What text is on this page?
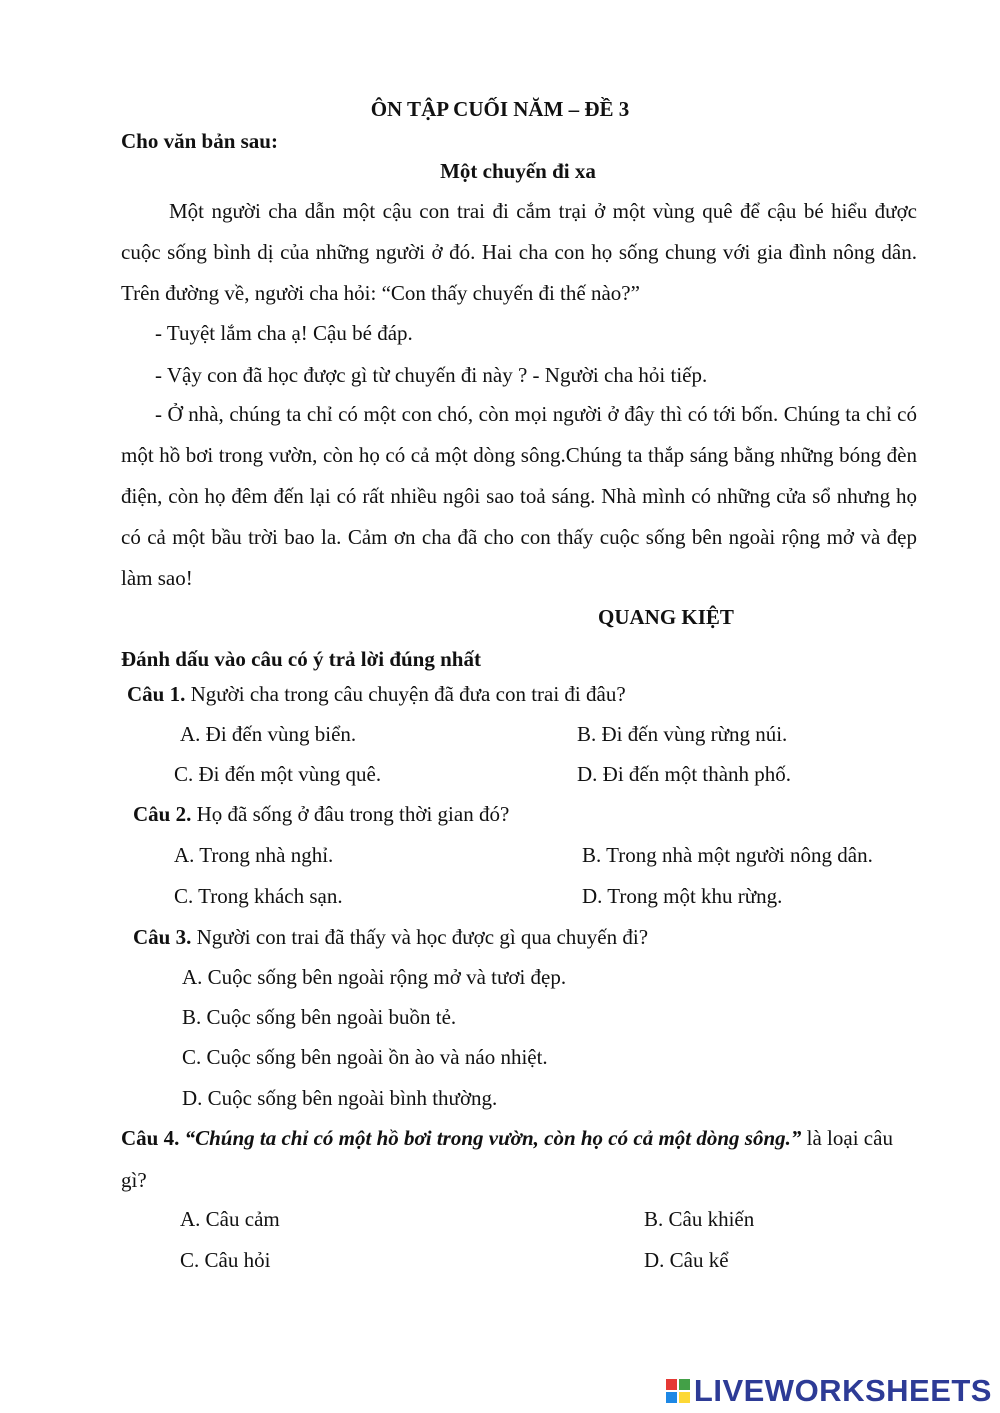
ÔN TẬP CUỐI NĂM – ĐỀ 3
Cho văn bản sau:
Một chuyến đi xa
Một người cha dẫn một cậu con trai đi cắm trại ở một vùng quê để cậu bé hiểu được cuộc sống bình dị của những người ở đó. Hai cha con họ sống chung với gia đình nông dân. Trên đường về, người cha hỏi: “Con thấy chuyến đi thế nào?”
- Tuyệt lắm cha ạ! Cậu bé đáp.
- Vậy con đã học được gì từ chuyến đi này ? - Người cha hỏi tiếp.
- Ở nhà, chúng ta chỉ có một con chó, còn mọi người ở đây thì có tới bốn. Chúng ta chỉ có một hồ bơi trong vườn, còn họ có cả một dòng sông.Chúng ta thắp sáng bằng những bóng đèn điện, còn họ đêm đến lại có rất nhiều ngôi sao toả sáng. Nhà mình có những cửa sổ nhưng họ có cả một bầu trời bao la. Cảm ơn cha đã cho con thấy cuộc sống bên ngoài rộng mở và đẹp làm sao!
QUANG KIỆT
Đánh dấu vào câu có ý trả lời đúng nhất
Câu 1. Người cha trong câu chuyện đã đưa con trai đi đâu?
A. Đi đến vùng biển.	B. Đi đến vùng rừng núi.
C. Đi đến một vùng quê.	D. Đi đến một thành phố.
Câu 2. Họ đã sống ở đâu trong thời gian đó?
A. Trong nhà nghỉ.	B. Trong nhà một người nông dân.
C. Trong khách sạn.	D. Trong một khu rừng.
Câu 3. Người con trai đã thấy và học được gì qua chuyến đi?
A. Cuộc sống bên ngoài rộng mở và tươi đẹp.
B. Cuộc sống bên ngoài buồn tẻ.
C. Cuộc sống bên ngoài ồn ào và náo nhiệt.
D. Cuộc sống bên ngoài bình thường.
Câu 4. “Chúng ta chỉ có một hồ bơi trong vườn, còn họ có cả một dòng sông.” là loại câu gì?
A. Câu cảm	B. Câu khiến
C. Câu hỏi	D. Câu kể
LIVEWORKSHEETS
